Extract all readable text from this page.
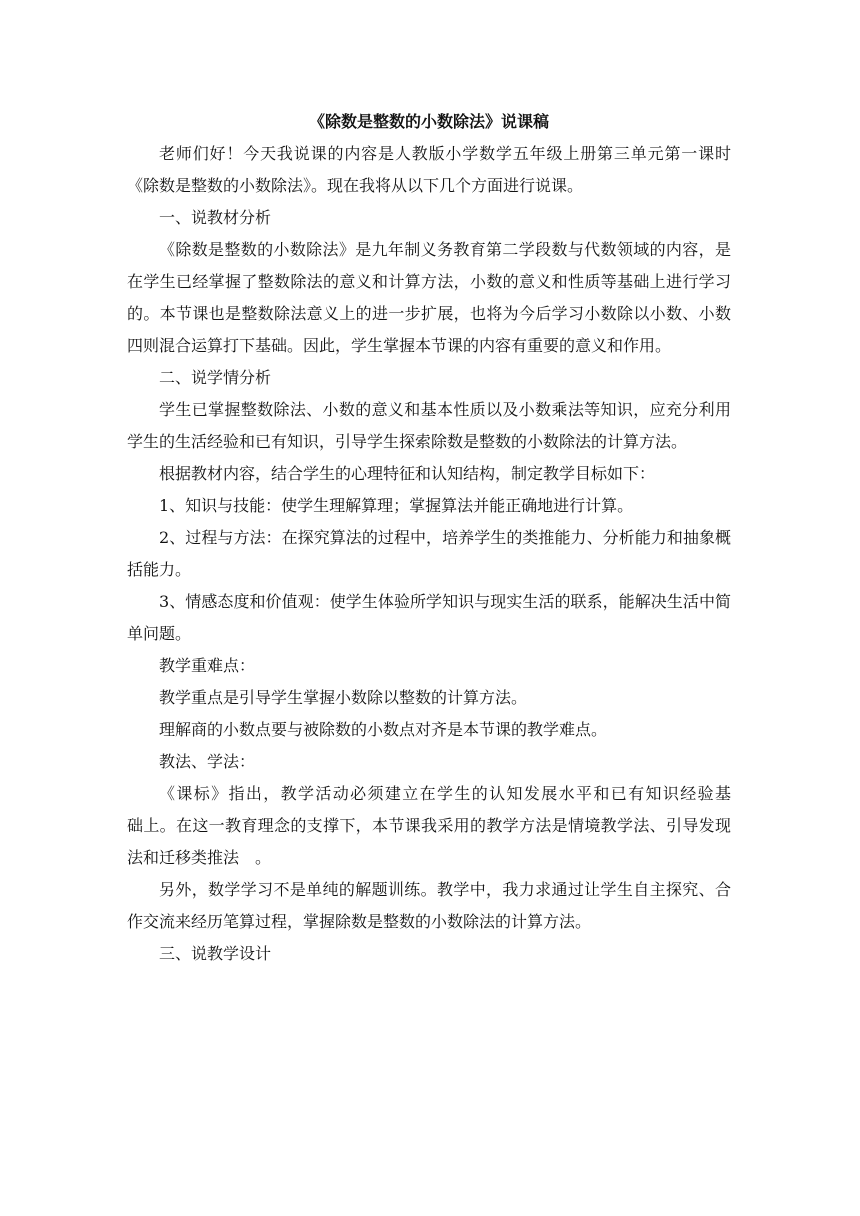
《除数是整数的小数除法》说课稿

老师们好！今天我说课的内容是人教版小学数学五年级上册第三单元第一课时《除数是整数的小数除法》。现在我将从以下几个方面进行说课。

一、说教材分析

《除数是整数的小数除法》是九年制义务教育第二学段数与代数领域的内容，是在学生已经掌握了整数除法的意义和计算方法，小数的意义和性质等基础上进行学习的。本节课也是整数除法意义上的进一步扩展，也将为今后学习小数除以小数、小数四则混合运算打下基础。因此，学生掌握本节课的内容有重要的意义和作用。

二、说学情分析

学生已掌握整数除法、小数的意义和基本性质以及小数乘法等知识，应充分利用学生的生活经验和已有知识，引导学生探索除数是整数的小数除法的计算方法。

根据教材内容，结合学生的心理特征和认知结构，制定教学目标如下：

1、知识与技能：使学生理解算理；掌握算法并能正确地进行计算。

2、过程与方法：在探究算法的过程中，培养学生的类推能力、分析能力和抽象概括能力。

3、情感态度和价值观：使学生体验所学知识与现实生活的联系，能解决生活中简单问题。

教学重难点：

教学重点是引导学生掌握小数除以整数的计算方法。

理解商的小数点要与被除数的小数点对齐是本节课的教学难点。

教法、学法：

《课标》指出，教学活动必须建立在学生的认知发展水平和已有知识经验基　　础上。在这一教育理念的支撑下，本节课我采用的教学方法是情境教学法、引导发现法和迁移类推法　。

另外，数学学习不是单纯的解题训练。教学中，我力求通过让学生自主探究、合作交流来经历笔算过程，掌握除数是整数的小数除法的计算方法。

三、说教学设计
